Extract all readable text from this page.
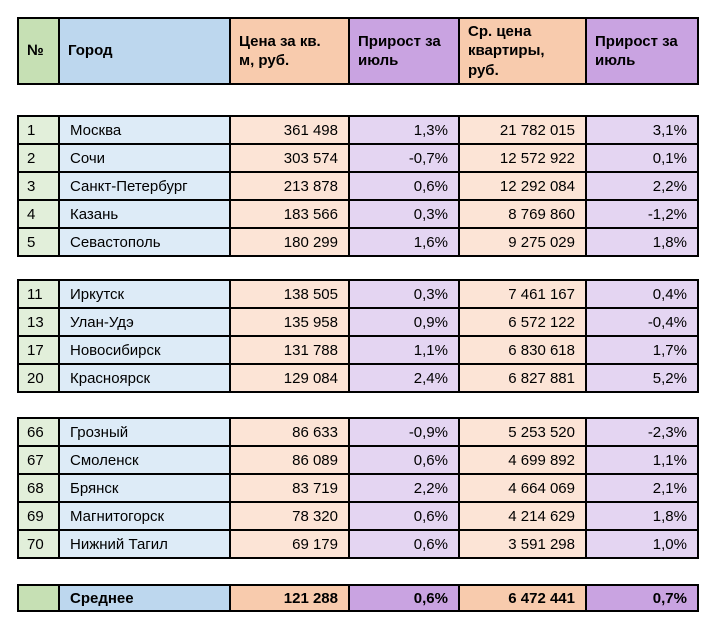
№	Город	Цена за кв. м, руб.	Прирост за июль	Ср. цена квартиры, руб.	Прирост за июль
1	Москва	361 498	1,3%	21 782 015	3,1%
2	Сочи	303 574	-0,7%	12 572 922	0,1%
3	Санкт-Петербург	213 878	0,6%	12 292 084	2,2%
4	Казань	183 566	0,3%	8 769 860	-1,2%
5	Севастополь	180 299	1,6%	9 275 029	1,8%
11	Иркутск	138 505	0,3%	7 461 167	0,4%
13	Улан-Удэ	135 958	0,9%	6 572 122	-0,4%
17	Новосибирск	131 788	1,1%	6 830 618	1,7%
20	Красноярск	129 084	2,4%	6 827 881	5,2%
66	Грозный	86 633	-0,9%	5 253 520	-2,3%
67	Смоленск	86 089	0,6%	4 699 892	1,1%
68	Брянск	83 719	2,2%	4 664 069	2,1%
69	Магнитогорск	78 320	0,6%	4 214 629	1,8%
70	Нижний Тагил	69 179	0,6%	3 591 298	1,0%
	Среднее	121 288	0,6%	6 472 441	0,7%
